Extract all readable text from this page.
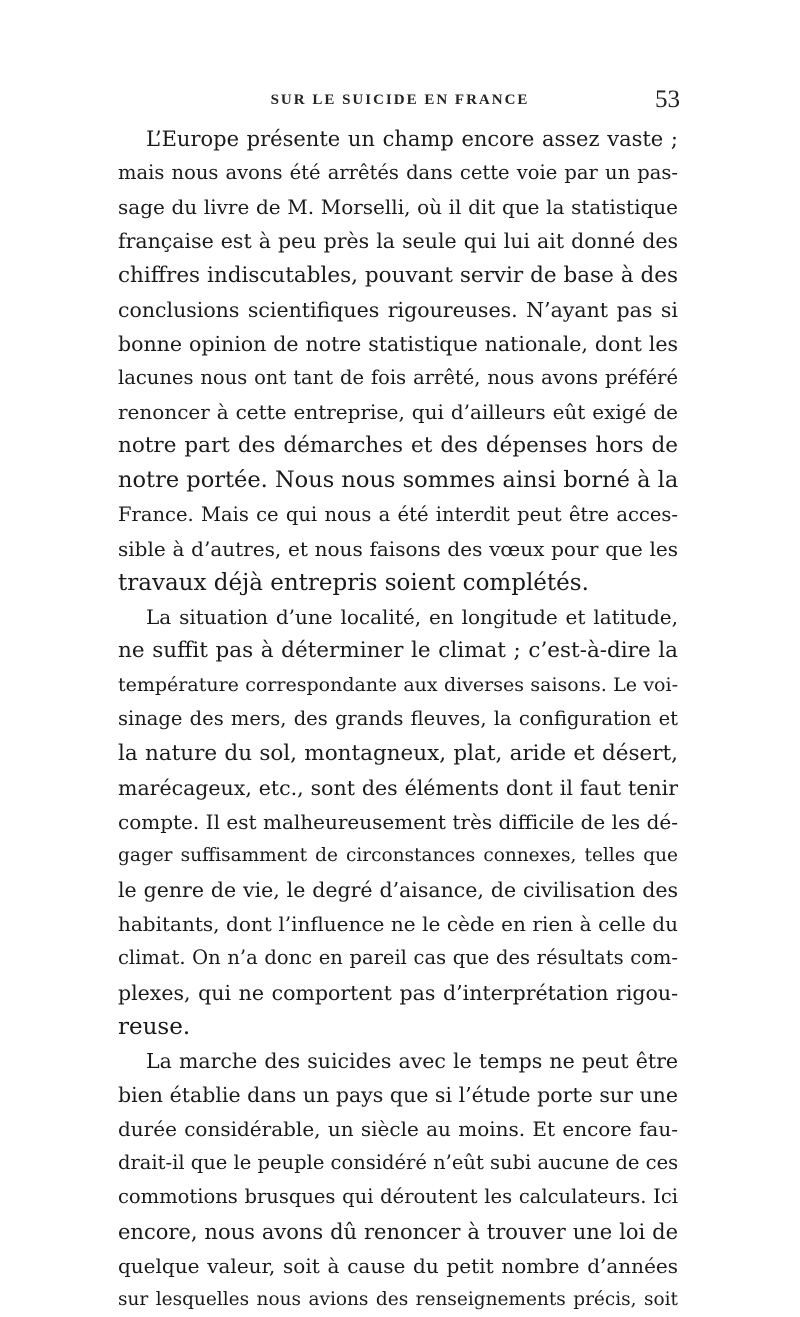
SUR LE SUICIDE EN FRANCE	53
L’Europe présente un champ encore assez vaste ;
mais nous avons été arrêtés dans cette voie par un pas-
sage du livre de M. Morselli, où il dit que la statistique
française est à peu près la seule qui lui ait donné des
chiffres indiscutables, pouvant servir de base à des
conclusions scientifiques rigoureuses. N’ayant pas si
bonne opinion de notre statistique nationale, dont les
lacunes nous ont tant de fois arrêté, nous avons préféré
renoncer à cette entreprise, qui d’ailleurs eût exigé de
notre part des démarches et des dépenses hors de
notre portée. Nous nous sommes ainsi borné à la
France. Mais ce qui nous a été interdit peut être acces-
sible à d’autres, et nous faisons des vœux pour que les
travaux déjà entrepris soient complétés.
La situation d’une localité, en longitude et latitude,
ne suffit pas à déterminer le climat ; c’est-à-dire la
température correspondante aux diverses saisons. Le voi-
sinage des mers, des grands fleuves, la configuration et
la nature du sol, montagneux, plat, aride et désert,
marécageux, etc., sont des éléments dont il faut tenir
compte. Il est malheureusement très difficile de les dé-
gager suffisamment de circonstances connexes, telles que
le genre de vie, le degré d’aisance, de civilisation des
habitants, dont l’influence ne le cède en rien à celle du
climat. On n’a donc en pareil cas que des résultats com-
plexes, qui ne comportent pas d’interprétation rigou-
reuse.
La marche des suicides avec le temps ne peut être
bien établie dans un pays que si l’étude porte sur une
durée considérable, un siècle au moins. Et encore fau-
drait-il que le peuple considéré n’eût subi aucune de ces
commotions brusques qui déroutent les calculateurs. Ici
encore, nous avons dû renoncer à trouver une loi de
quelque valeur, soit à cause du petit nombre d’années
sur lesquelles nous avions des renseignements précis, soit
